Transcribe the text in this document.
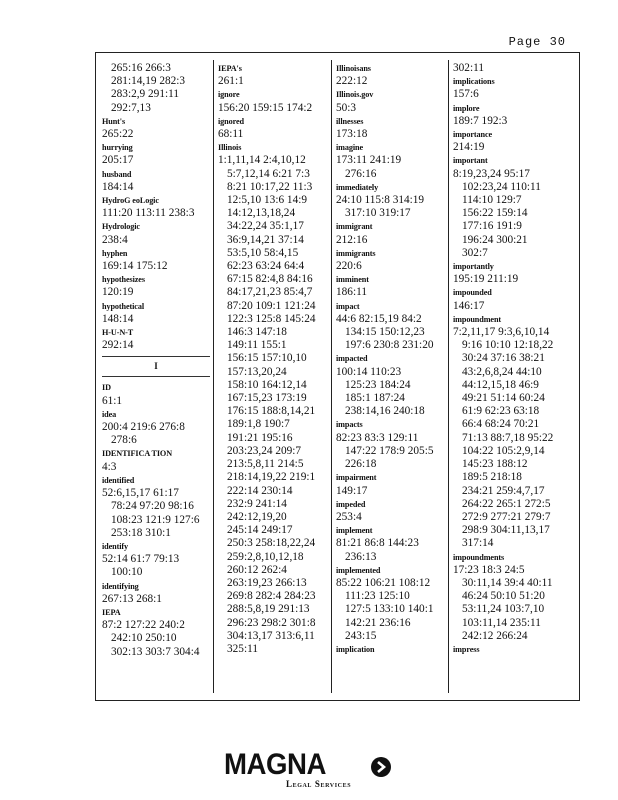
Page 30
265:16 266:3
281:14,19 282:3
283:2,9 291:11
292:7,13
Hunt's
265:22
hurrying
205:17
husband
184:14
HydroG eoLogic
111:20 113:11 238:3
Hydrologic
238:4
hyphen
169:14 175:12
hypothesizes
120:19
hypothetical
148:14
H-U-N-T
292:14
I
ID
61:1
idea
200:4 219:6 276:8
278:6
IDENTIFICA TION
4:3
identified
52:6,15,17 61:17
78:24 97:20 98:16
108:23 121:9 127:6
253:18 310:1
identify
52:14 61:7 79:13
100:10
identifying
267:13 268:1
IEPA
87:2 127:22 240:2
242:10 250:10
302:13 303:7 304:4
IEPA's
261:1
ignore
156:20 159:15 174:2
ignored
68:11
Illinois
1:1,11,14 2:4,10,12
5:7,12,14 6:21 7:3
8:21 10:17,22 11:3
12:5,10 13:6 14:9
14:12,13,18,24
34:22,24 35:1,17
36:9,14,21 37:14
53:5,10 58:4,15
62:23 63:24 64:4
67:15 82:4,8 84:16
84:17,21,23 85:4,7
87:20 109:1 121:24
122:3 125:8 145:24
146:3 147:18
149:11 155:1
156:15 157:10,10
157:13,20,24
158:10 164:12,14
167:15,23 173:19
176:15 188:8,14,21
189:1,8 190:7
191:21 195:16
203:23,24 209:7
213:5,8,11 214:5
218:14,19,22 219:1
222:14 230:14
232:9 241:14
242:12,19,20
245:14 249:17
250:3 258:18,22,24
259:2,8,10,12,18
260:12 262:4
263:19,23 266:13
269:8 282:4 284:23
288:5,8,19 291:13
296:23 298:2 301:8
304:13,17 313:6,11
325:11
Illinoisans
222:12
Illinois.gov
50:3
illnesses
173:18
imagine
173:11 241:19
276:16
immediately
24:10 115:8 314:19
317:10 319:17
immigrant
212:16
immigrants
220:6
imminent
186:11
impact
44:6 82:15,19 84:2
134:15 150:12,23
197:6 230:8 231:20
impacted
100:14 110:23
125:23 184:24
185:1 187:24
238:14,16 240:18
impacts
82:23 83:3 129:11
147:22 178:9 205:5
226:18
impairment
149:17
impeded
253:4
implement
81:21 86:8 144:23
236:13
implemented
85:22 106:21 108:12
111:23 125:10
127:5 133:10 140:1
142:21 236:16
243:15
implication
302:11
implications
157:6
implore
189:7 192:3
importance
214:19
important
8:19,23,24 95:17
102:23,24 110:11
114:10 129:7
156:22 159:14
177:16 191:9
196:24 300:21
302:7
importantly
195:19 211:19
impounded
146:17
impoundment
7:2,11,17 9:3,6,10,14
9:16 10:10 12:18,22
30:24 37:16 38:21
43:2,6,8,24 44:10
44:12,15,18 46:9
49:21 51:14 60:24
61:9 62:23 63:18
66:4 68:24 70:21
71:13 88:7,18 95:22
104:22 105:2,9,14
145:23 188:12
189:5 218:18
234:21 259:4,7,17
264:22 265:1 272:5
272:9 277:21 279:7
298:9 304:11,13,17
317:14
impoundments
17:23 18:3 24:5
30:11,14 39:4 40:11
46:24 50:10 51:20
53:11,24 103:7,10
103:11,14 235:11
242:12 266:24
impress
MAGNA
Legal Services
